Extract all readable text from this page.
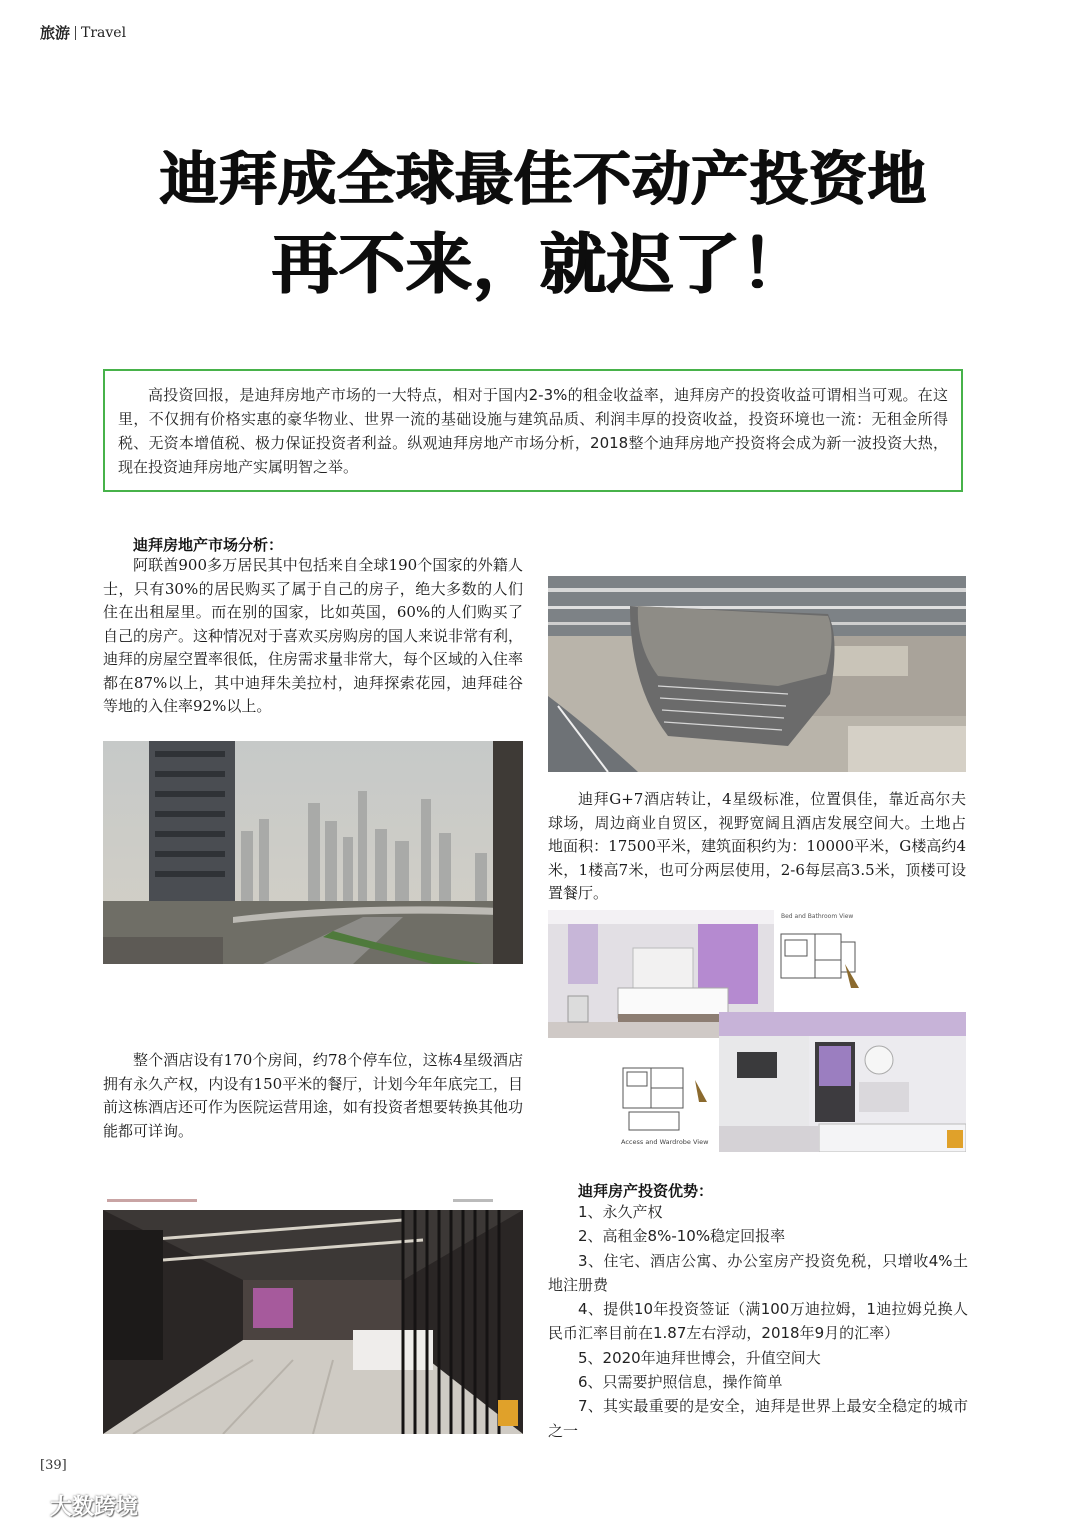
旅游 Travel
迪拜成全球最佳不动产投资地
再不来，就迟了！
高投资回报，是迪拜房地产市场的一大特点，相对于国内2-3%的租金收益率，迪拜房产的投资收益可谓相当可观。在这里，不仅拥有价格实惠的豪华物业、世界一流的基础设施与建筑品质、利润丰厚的投资收益，投资环境也一流：无租金所得税、无资本增值税、极力保证投资者利益。纵观迪拜房地产市场分析，2018整个迪拜房地产投资将会成为新一波投资大热，现在投资迪拜房地产实属明智之举。
迪拜房地产市场分析：
阿联酋900多万居民其中包括来自全球190个国家的外籍人士，只有30%的居民购买了属于自己的房子，绝大多数的人们住在出租屋里。而在别的国家，比如英国，60%的人们购买了自己的房产。这种情况对于喜欢买房购房的国人来说非常有利，迪拜的房屋空置率很低，住房需求量非常大，每个区域的入住率都在87%以上，其中迪拜朱美拉村，迪拜探索花园，迪拜硅谷等地的入住率92%以上。
迪拜G+7酒店转让，4星级标准，位置俱佳，靠近高尔夫球场，周边商业自贸区，视野宽阔且酒店发展空间大。土地占地面积：17500平米，建筑面积约为：10000平米，G楼高约4米，1楼高7米，也可分两层使用，2-6每层高3.5米，顶楼可设置餐厅。
Bed and Bathroom View
Access and Wardrobe View
整个酒店设有170个房间，约78个停车位，这栋4星级酒店拥有永久产权，内设有150平米的餐厅，计划今年年底完工，目前这栋酒店还可作为医院运营用途，如有投资者想要转换其他功能都可详询。
迪拜房产投资优势：
1、永久产权
2、高租金8%-10%稳定回报率
3、住宅、酒店公寓、办公室房产投资免税，只增收4%土地注册费
4、提供10年投资签证（满100万迪拉姆，1迪拉姆兑换人民币汇率目前在1.87左右浮动，2018年9月的汇率）
5、2020年迪拜世博会，升值空间大
6、只需要护照信息，操作简单
7、其实最重要的是安全，迪拜是世界上最安全稳定的城市之一
[39]
大数跨境
